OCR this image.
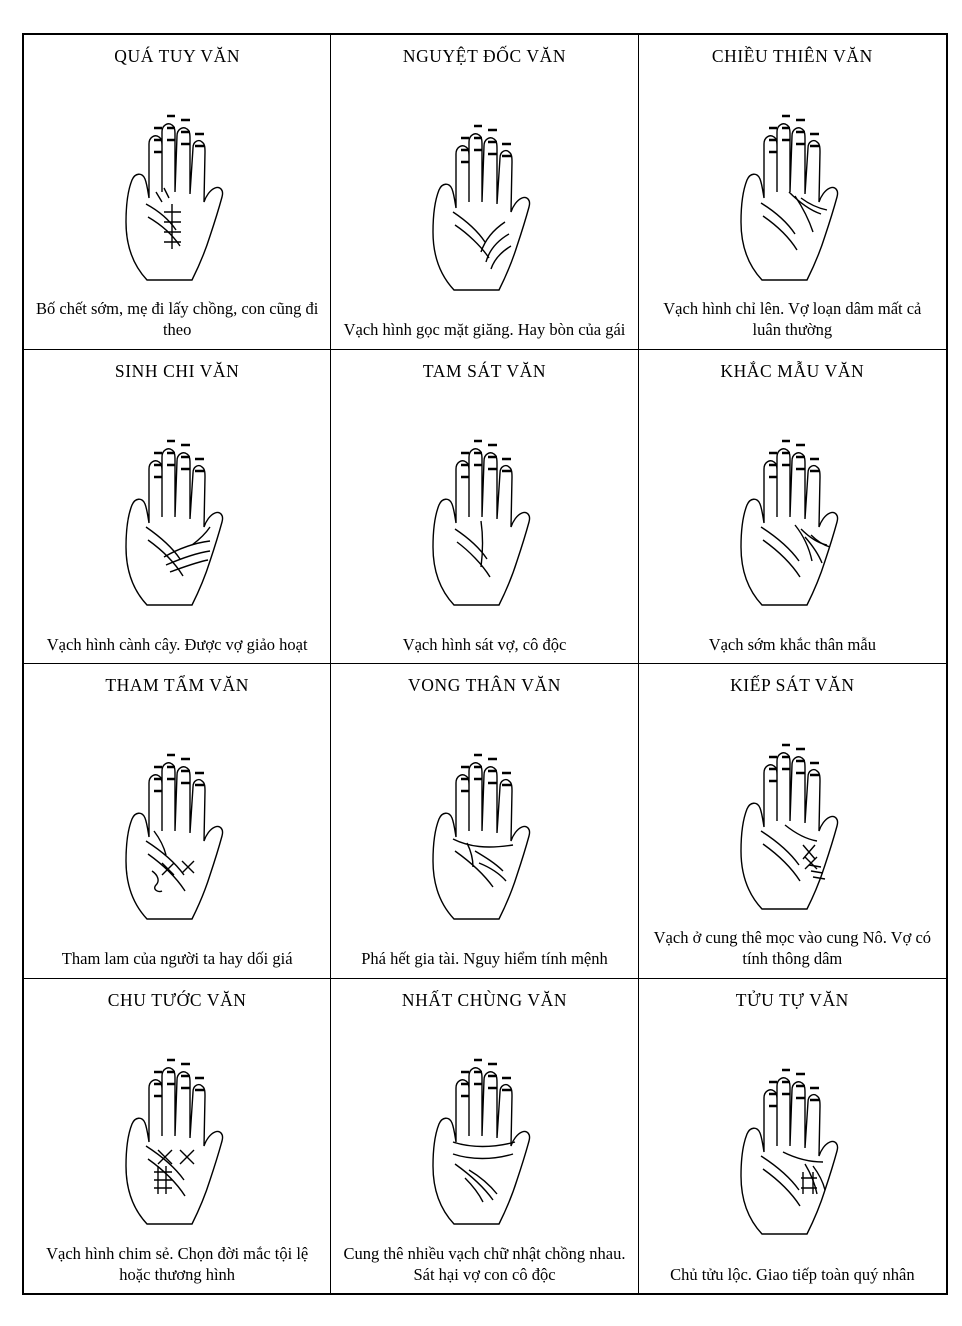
QUÁ TUY VĂN
Bố chết sớm, mẹ đi lấy chồng, con cũng đi theo
NGUYỆT ĐỐC VĂN
Vạch hình gọc mặt giăng. Hay bòn của gái
CHIỀU THIÊN VĂN
Vạch hình chỉ lên. Vợ loạn dâm mất cả luân thường
SINH CHI VĂN
Vạch hình cành cây. Được vợ giảo hoạt
TAM SÁT VĂN
Vạch hình sát vợ, cô độc
KHẮC MẪU VĂN
Vạch sớm khắc thân mẫu
THAM TẨM VĂN
Tham lam của người ta hay dối giá
VONG THÂN VĂN
Phá hết gia tài. Nguy hiểm tính mệnh
KIẾP SÁT VĂN
Vạch ở cung thê mọc vào cung Nô. Vợ có tính thông dâm
CHU TƯỚC VĂN
Vạch hình chim sẻ. Chọn đời mắc tội lệ hoặc thương hình
NHẤT CHÙNG VĂN
Cung thê nhiều vạch chữ nhật chồng nhau. Sát hại vợ con cô độc
TỬU TỰ VĂN
Chủ tửu lộc. Giao tiếp toàn quý nhân
